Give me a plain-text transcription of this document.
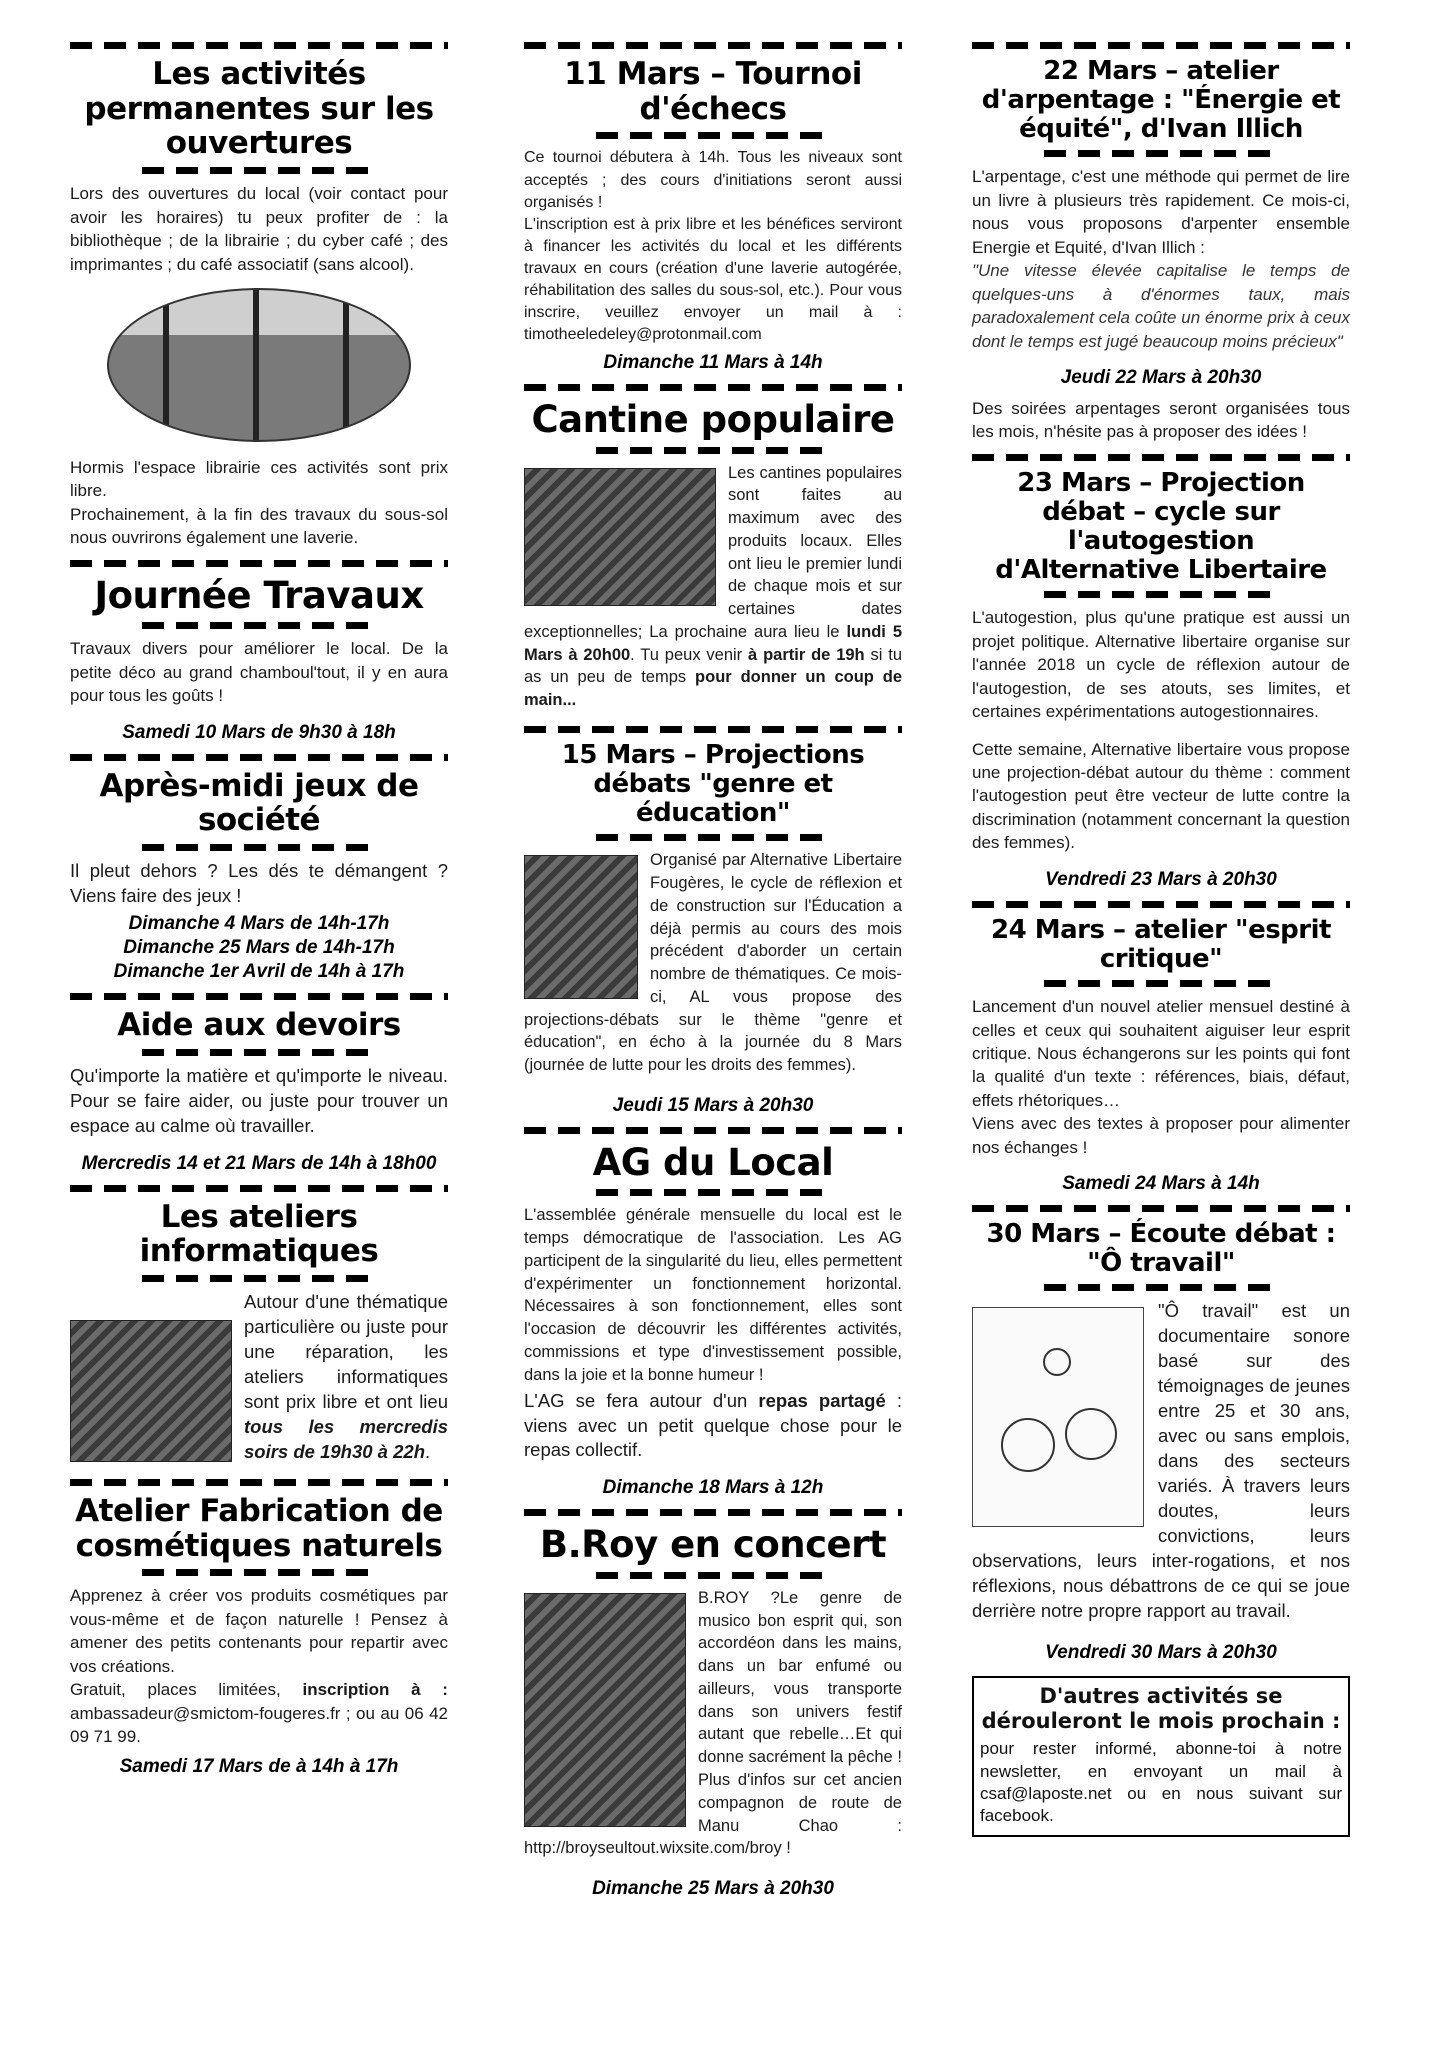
Les activités permanentes sur les ouvertures

Lors des ouvertures du local (voir contact pour avoir les horaires) tu peux profiter de : la bibliothèque ; de la librairie ; du cyber café ; des imprimantes ; du café associatif (sans alcool).

Hormis l'espace librairie ces activités sont prix libre.

Prochainement, à la fin des travaux du sous-sol nous ouvrirons également une laverie.

Journée Travaux

Travaux divers pour améliorer le local. De la petite déco au grand chamboul'tout, il y en aura pour tous les goûts !

Samedi 10 Mars de 9h30 à 18h
Après-midi jeux de société

Il pleut dehors ? Les dés te démangent ? Viens faire des jeux !

Dimanche 4 Mars de 14h-17h
Dimanche 25 Mars de 14h-17h
Dimanche 1er Avril de 14h à 17h
Aide aux devoirs

Qu'importe la matière et qu'importe le niveau. Pour se faire aider, ou juste pour trouver un espace au calme où travailler.

Mercredis 14 et 21 Mars de 14h à 18h00
Les ateliers informatiques

Autour d'une thématique particulière ou juste pour une réparation, les ateliers informatiques sont prix libre et ont lieu tous les mercredis soirs de 19h30 à 22h.

Atelier Fabrication de cosmétiques naturels

Apprenez à créer vos produits cosmétiques par vous-même et de façon naturelle ! Pensez à amener des petits contenants pour repartir avec vos créations.

Gratuit, places limitées, inscription à : ambassadeur@smictom-fougeres.fr ; ou au 06 42 09 71 99.

Samedi 17 Mars de à 14h à 17h
11 Mars – Tournoi d'échecs

Ce tournoi débutera à 14h. Tous les niveaux sont acceptés ; des cours d'initiations seront aussi organisés !

L'inscription est à prix libre et les bénéfices serviront à financer les activités du local et les différents travaux en cours (création d'une laverie autogérée, réhabilitation des salles du sous-sol, etc.). Pour vous inscrire, veuillez envoyer un mail à : timotheeledeley@protonmail.com

Dimanche 11 Mars à 14h
Cantine populaire

Les cantines populaires sont faites au maximum avec des produits locaux. Elles ont lieu le premier lundi de chaque mois et sur certaines dates exceptionnelles; La prochaine aura lieu le lundi 5 Mars à 20h00. Tu peux venir à partir de 19h si tu as un peu de temps pour donner un coup de main...

15 Mars – Projections débats "genre et éducation"

Organisé par Alternative Libertaire Fougères, le cycle de réflexion et de construction sur l'Éducation a déjà permis au cours des mois précédent d'aborder un certain nombre de thématiques. Ce mois-ci, AL vous propose des projections-débats sur le thème "genre et éducation", en écho à la journée du 8 Mars (journée de lutte pour les droits des femmes).

Jeudi 15 Mars à 20h30
AG du Local

L'assemblée générale mensuelle du local est le temps démocratique de l'association. Les AG participent de la singularité du lieu, elles permettent d'expérimenter un fonctionnement horizontal. Nécessaires à son fonctionnement, elles sont l'occasion de découvrir les différentes activités, commissions et type d'investissement possible, dans la joie et la bonne humeur !

L'AG se fera autour d'un repas partagé : viens avec un petit quelque chose pour le repas collectif.

Dimanche 18 Mars à 12h
B.Roy en concert

B.ROY ?Le genre de musico bon esprit qui, son accordéon dans les mains, dans un bar enfumé ou ailleurs, vous transporte dans son univers festif autant que rebelle…Et qui donne sacrément la pêche ! Plus d'infos sur cet ancien compagnon de route de Manu Chao : http://broyseultout.wixsite.com/broy !

Dimanche 25 Mars à 20h30
22 Mars – atelier d'arpentage : "Énergie et équité", d'Ivan Illich

L'arpentage, c'est une méthode qui permet de lire un livre à plusieurs très rapidement. Ce mois-ci, nous vous proposons d'arpenter ensemble Energie et Equité, d'Ivan Illich :

"Une vitesse élevée capitalise le temps de quelques-uns à d'énormes taux, mais paradoxalement cela coûte un énorme prix à ceux dont le temps est jugé beaucoup moins précieux"

Jeudi 22 Mars à 20h30

Des soirées arpentages seront organisées tous les mois, n'hésite pas à proposer des idées !

23 Mars – Projection débat – cycle sur l'autogestion d'Alternative Libertaire

L'autogestion, plus qu'une pratique est aussi un projet politique. Alternative libertaire organise sur l'année 2018 un cycle de réflexion autour de l'autogestion, de ses atouts, ses limites, et certaines expérimentations autogestionnaires.

Cette semaine, Alternative libertaire vous propose une projection-débat autour du thème : comment l'autogestion peut être vecteur de lutte contre la discrimination (notamment concernant la question des femmes).

Vendredi 23 Mars à 20h30
24 Mars – atelier "esprit critique"

Lancement d'un nouvel atelier mensuel destiné à celles et ceux qui souhaitent aiguiser leur esprit critique. Nous échangerons sur les points qui font la qualité d'un texte : références, biais, défaut, effets rhétoriques…

Viens avec des textes à proposer pour alimenter nos échanges !

Samedi 24 Mars à 14h
30 Mars – Écoute débat : "Ô travail"

"Ô travail" est un documentaire sonore basé sur des témoignages de jeunes entre 25 et 30 ans, avec ou sans emplois, dans des secteurs variés. À travers leurs doutes, leurs convictions, leurs observations, leurs inter-rogations, et nos réflexions, nous débattrons de ce qui se joue derrière notre propre rapport au travail.

Vendredi 30 Mars à 20h30
D'autres activités se dérouleront le mois prochain :

pour rester informé, abonne-toi à notre newsletter, en envoyant un mail à csaf@laposte.net ou en nous suivant sur facebook.
